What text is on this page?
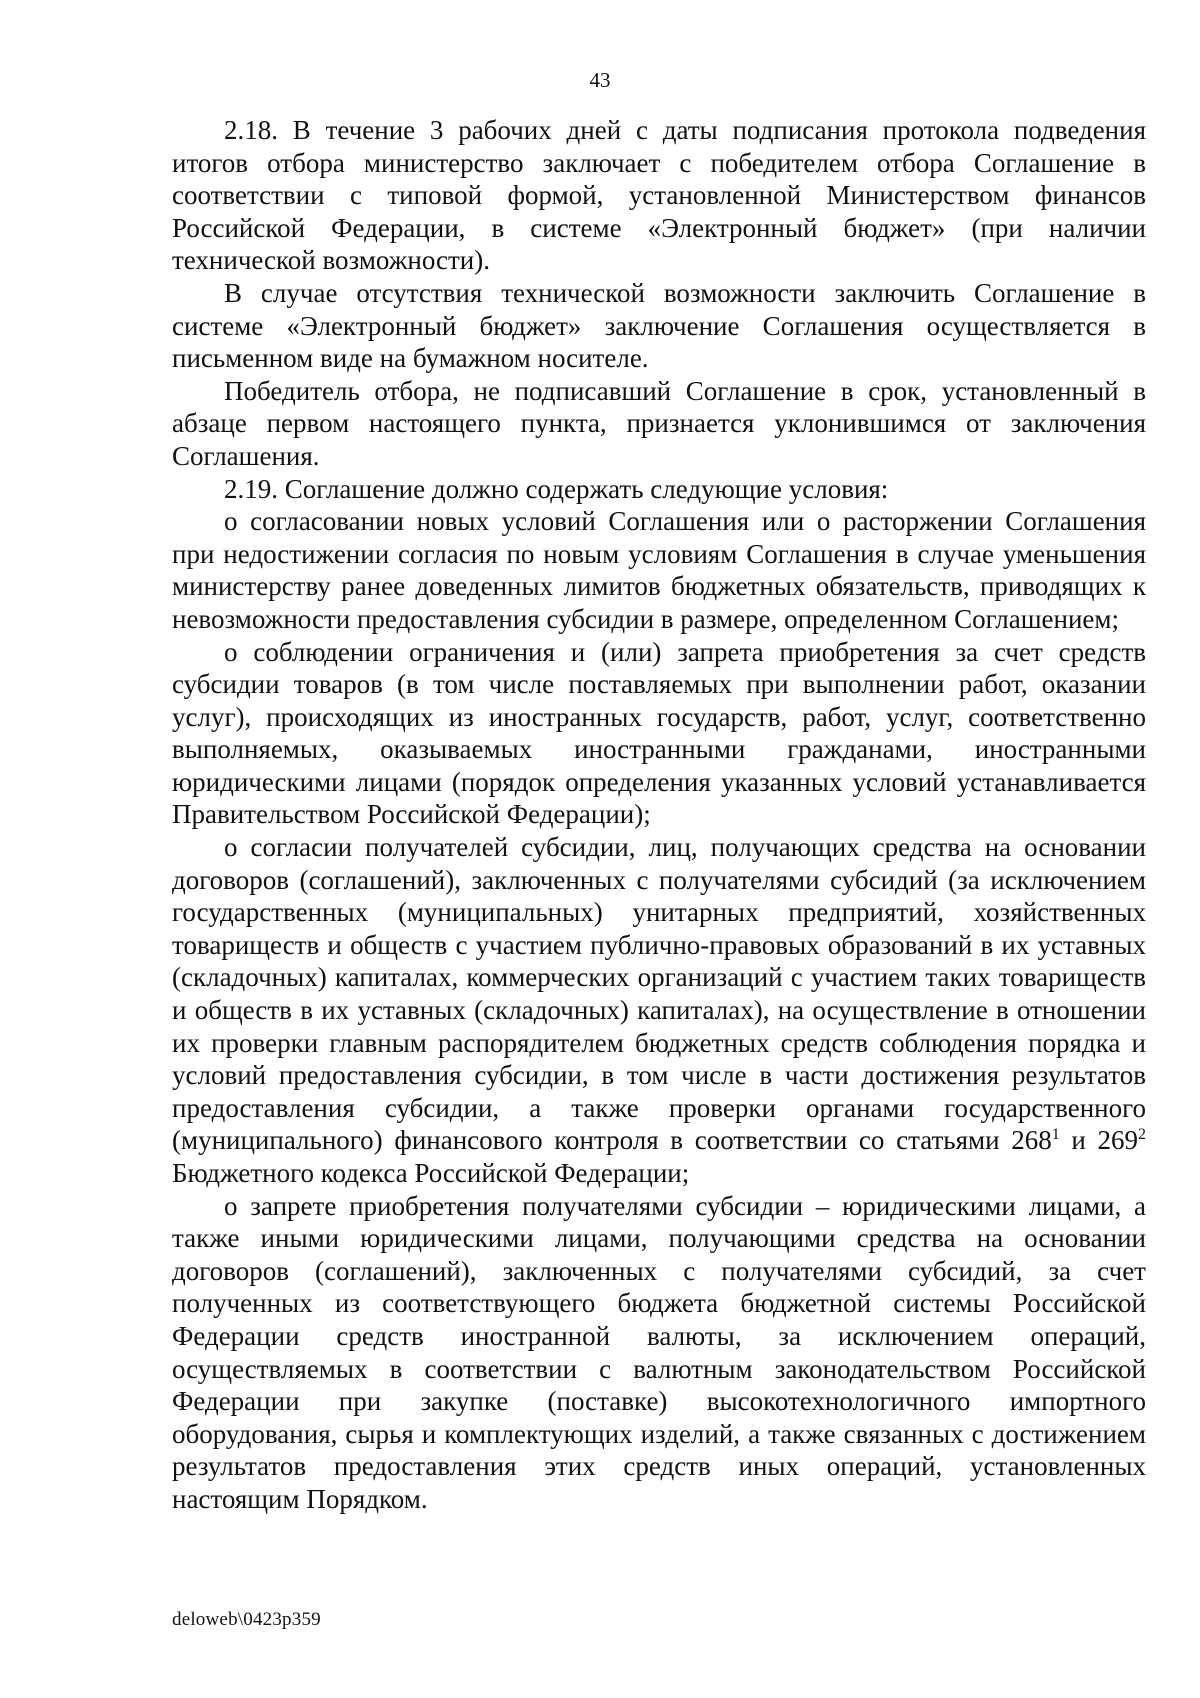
43

2.18. В течение 3 рабочих дней с даты подписания протокола подведения итогов отбора министерство заключает с победителем отбора Соглашение в соответствии с типовой формой, установленной Министерством финансов Российской Федерации, в системе «Электронный бюджет» (при наличии технической возможности).

В случае отсутствия технической возможности заключить Соглашение в системе «Электронный бюджет» заключение Соглашения осуществляется в письменном виде на бумажном носителе.

Победитель отбора, не подписавший Соглашение в срок, установленный в абзаце первом настоящего пункта, признается уклонившимся от заключения Соглашения.

2.19. Соглашение должно содержать следующие условия:

о согласовании новых условий Соглашения или о расторжении Соглашения при недостижении согласия по новым условиям Соглашения в случае уменьшения министерству ранее доведенных лимитов бюджетных обязательств, приводящих к невозможности предоставления субсидии в размере, определенном Соглашением;

о соблюдении ограничения и (или) запрета приобретения за счет средств субсидии товаров (в том числе поставляемых при выполнении работ, оказании услуг), происходящих из иностранных государств, работ, услуг, соответственно выполняемых, оказываемых иностранными гражданами, иностранными юридическими лицами (порядок определения указанных условий устанавливается Правительством Российской Федерации);

о согласии получателей субсидии, лиц, получающих средства на основании договоров (соглашений), заключенных с получателями субсидий (за исключением государственных (муниципальных) унитарных предприятий, хозяйственных товариществ и обществ с участием публично-правовых образований в их уставных (складочных) капиталах, коммерческих организаций с участием таких товариществ и обществ в их уставных (складочных) капиталах), на осуществление в отношении их проверки главным распорядителем бюджетных средств соблюдения порядка и условий предоставления субсидии, в том числе в части достижения результатов предоставления субсидии, а также проверки органами государственного (муниципального) финансового контроля в соответствии со статьями $268^1$ и $269^2$ Бюджетного кодекса Российской Федерации;

о запрете приобретения получателями субсидии – юридическими лицами, а также иными юридическими лицами, получающими средства на основании договоров (соглашений), заключенных с получателями субсидий, за счет полученных из соответствующего бюджета бюджетной системы Российской Федерации средств иностранной валюты, за исключением операций, осуществляемых в соответствии с валютным законодательством Российской Федерации при закупке (поставке) высокотехнологичного импортного оборудования, сырья и комплектующих изделий, а также связанных с достижением результатов предоставления этих средств иных операций, установленных настоящим Порядком.

deloweb\0423p359
